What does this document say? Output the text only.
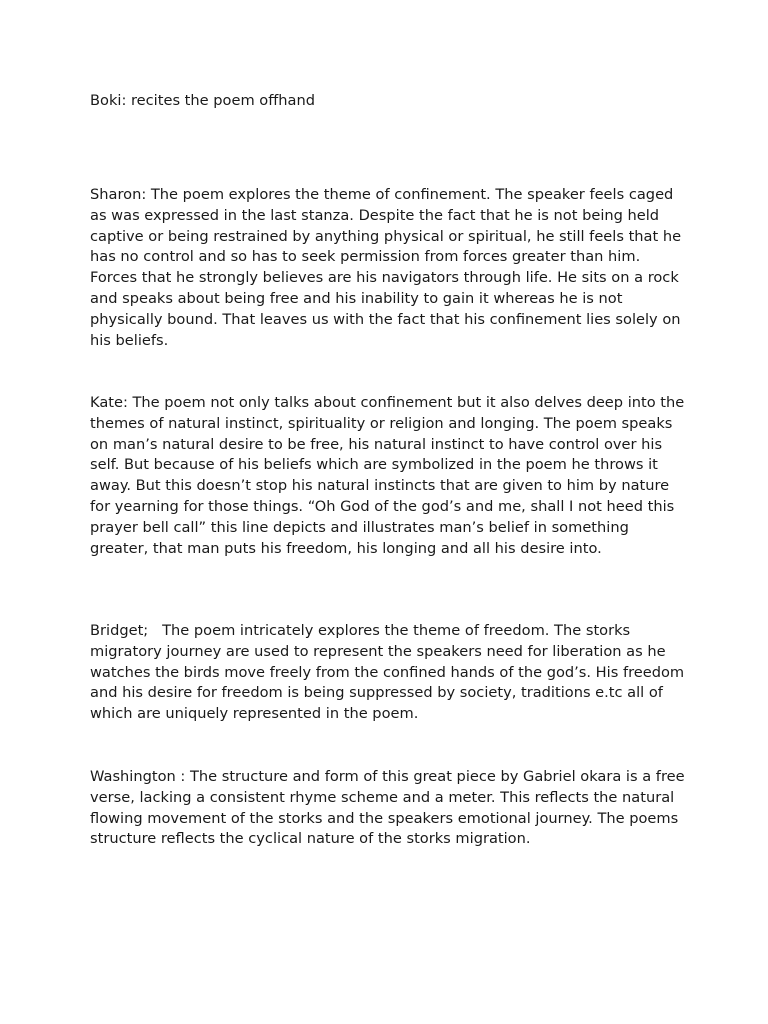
Boki: recites the poem offhand

Sharon: The poem explores the theme of confinement. The speaker feels caged as was expressed in the last stanza. Despite the fact that he is not being held captive or being restrained by anything physical or spiritual, he still feels that he has no control and so has to seek permission from forces greater than him. Forces that he strongly believes are his navigators through life. He sits on a rock and speaks about being free and his inability to gain it whereas he is not physically bound. That leaves us with the fact that his confinement lies solely on his beliefs.

Kate: The poem not only talks about confinement but it also delves deep into the themes of natural instinct, spirituality or religion and longing. The poem speaks on man’s natural desire to be free, his natural instinct to have control over his self. But because of his beliefs which are symbolized in the poem he throws it away. But this doesn’t stop his natural instincts that are given to him by nature for yearning for those things. “Oh God of the god’s and me, shall I not heed this prayer bell call” this line depicts and illustrates man’s belief in something greater, that man puts his freedom, his longing and all his desire into.

Bridget;   The poem intricately explores the theme of freedom. The storks migratory journey are used to represent the speakers need for liberation as he watches the birds move freely from the confined hands of the god’s. His freedom and his desire for freedom is being suppressed by society, traditions e.tc all of which are uniquely represented in the poem.

Washington : The structure and form of this great piece by Gabriel okara is a free verse, lacking a consistent rhyme scheme and a meter. This reflects the natural flowing movement of the storks and the speakers emotional journey. The poems structure reflects the cyclical nature of the storks migration.
